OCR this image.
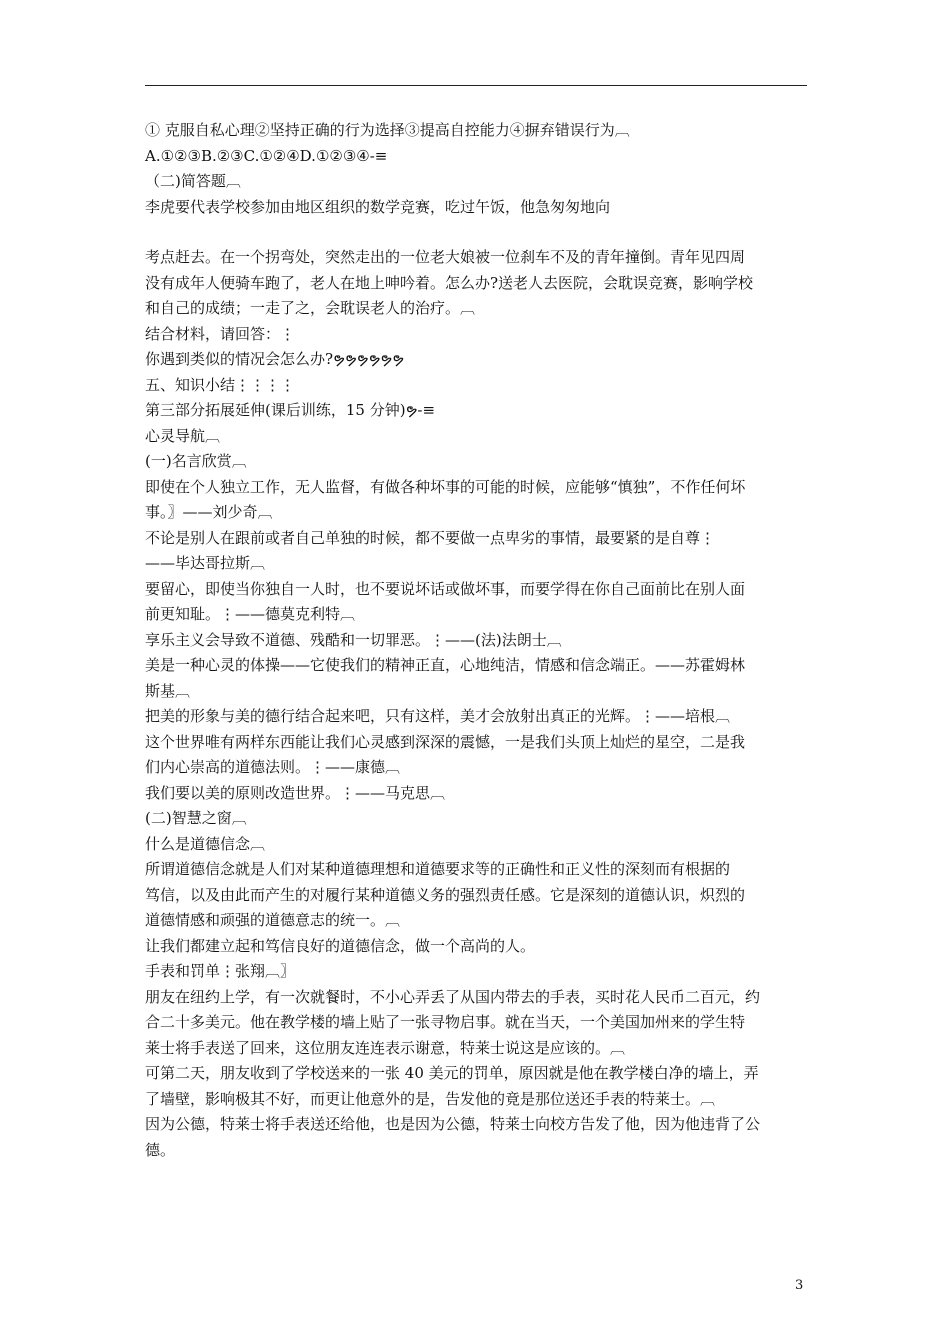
① 克服自私心理②坚持正确的行为选择③提高自控能力④摒弃错误行为︹

A.①②③B.②③C.①②④D.①②③④-≡

（二)简答题︹

李虎要代表学校参加由地区组织的数学竞赛，吃过午饭，他急匆匆地向

考点赶去。在一个拐弯处，突然走出的一位老大娘被一位刹车不及的青年撞倒。青年见四周

没有成年人便骑车跑了，老人在地上呻吟着。怎么办?送老人去医院，会耽误竞赛，影响学校

和自己的成绩；一走了之，会耽误老人的治疗。︹

结合材料，请回答：⋮

你遇到类似的情况会怎么办?ຯຯຯຯຯຯ

五、知识小结⋮⋮⋮⋮

第三部分拓展延伸(课后训练，15 分钟)ຯ-≡

心灵导航︹

(一)名言欣赏︹

即使在个人独立工作，无人监督，有做各种坏事的可能的时候，应能够“慎独”，不作任何坏

事。〗——刘少奇︹

不论是别人在跟前或者自己单独的时候，都不要做一点卑劣的事情，最要紧的是自尊⋮

——毕达哥拉斯︹

要留心，即使当你独自一人时，也不要说坏话或做坏事，而要学得在你自己面前比在别人面

前更知耻。⋮——德莫克利特︹

享乐主义会导致不道德、残酷和一切罪恶。⋮——(法)法朗士︹

美是一种心灵的体操——它使我们的精神正直，心地纯洁，情感和信念端正。——苏霍姆林

斯基︹

把美的形象与美的德行结合起来吧，只有这样，美才会放射出真正的光辉。⋮——培根︹

这个世界唯有两样东西能让我们心灵感到深深的震憾，一是我们头顶上灿烂的星空，二是我

们内心崇高的道德法则。⋮——康德︹

我们要以美的原则改造世界。⋮——马克思︹

(二)智慧之窗︹

什么是道德信念︹

所谓道德信念就是人们对某种道德理想和道德要求等的正确性和正义性的深刻而有根据的

笃信，以及由此而产生的对履行某种道德义务的强烈责任感。它是深刻的道德认识，炽烈的

道德情感和顽强的道德意志的统一。︹

让我们都建立起和笃信良好的道德信念，做一个高尚的人。

手表和罚单⋮张翔︹〗

朋友在纽约上学，有一次就餐时，不小心弄丢了从国内带去的手表，买时花人民币二百元，约

合二十多美元。他在教学楼的墙上贴了一张寻物启事。就在当天，一个美国加州来的学生特

莱士将手表送了回来，这位朋友连连表示谢意，特莱士说这是应该的。︹

可第二天，朋友收到了学校送来的一张 40 美元的罚单，原因就是他在教学楼白净的墙上，弄

了墙壁，影响极其不好，而更让他意外的是，告发他的竟是那位送还手表的特莱士。︹

因为公德，特莱士将手表送还给他，也是因为公德，特莱士向校方告发了他，因为他违背了公

德。

3
